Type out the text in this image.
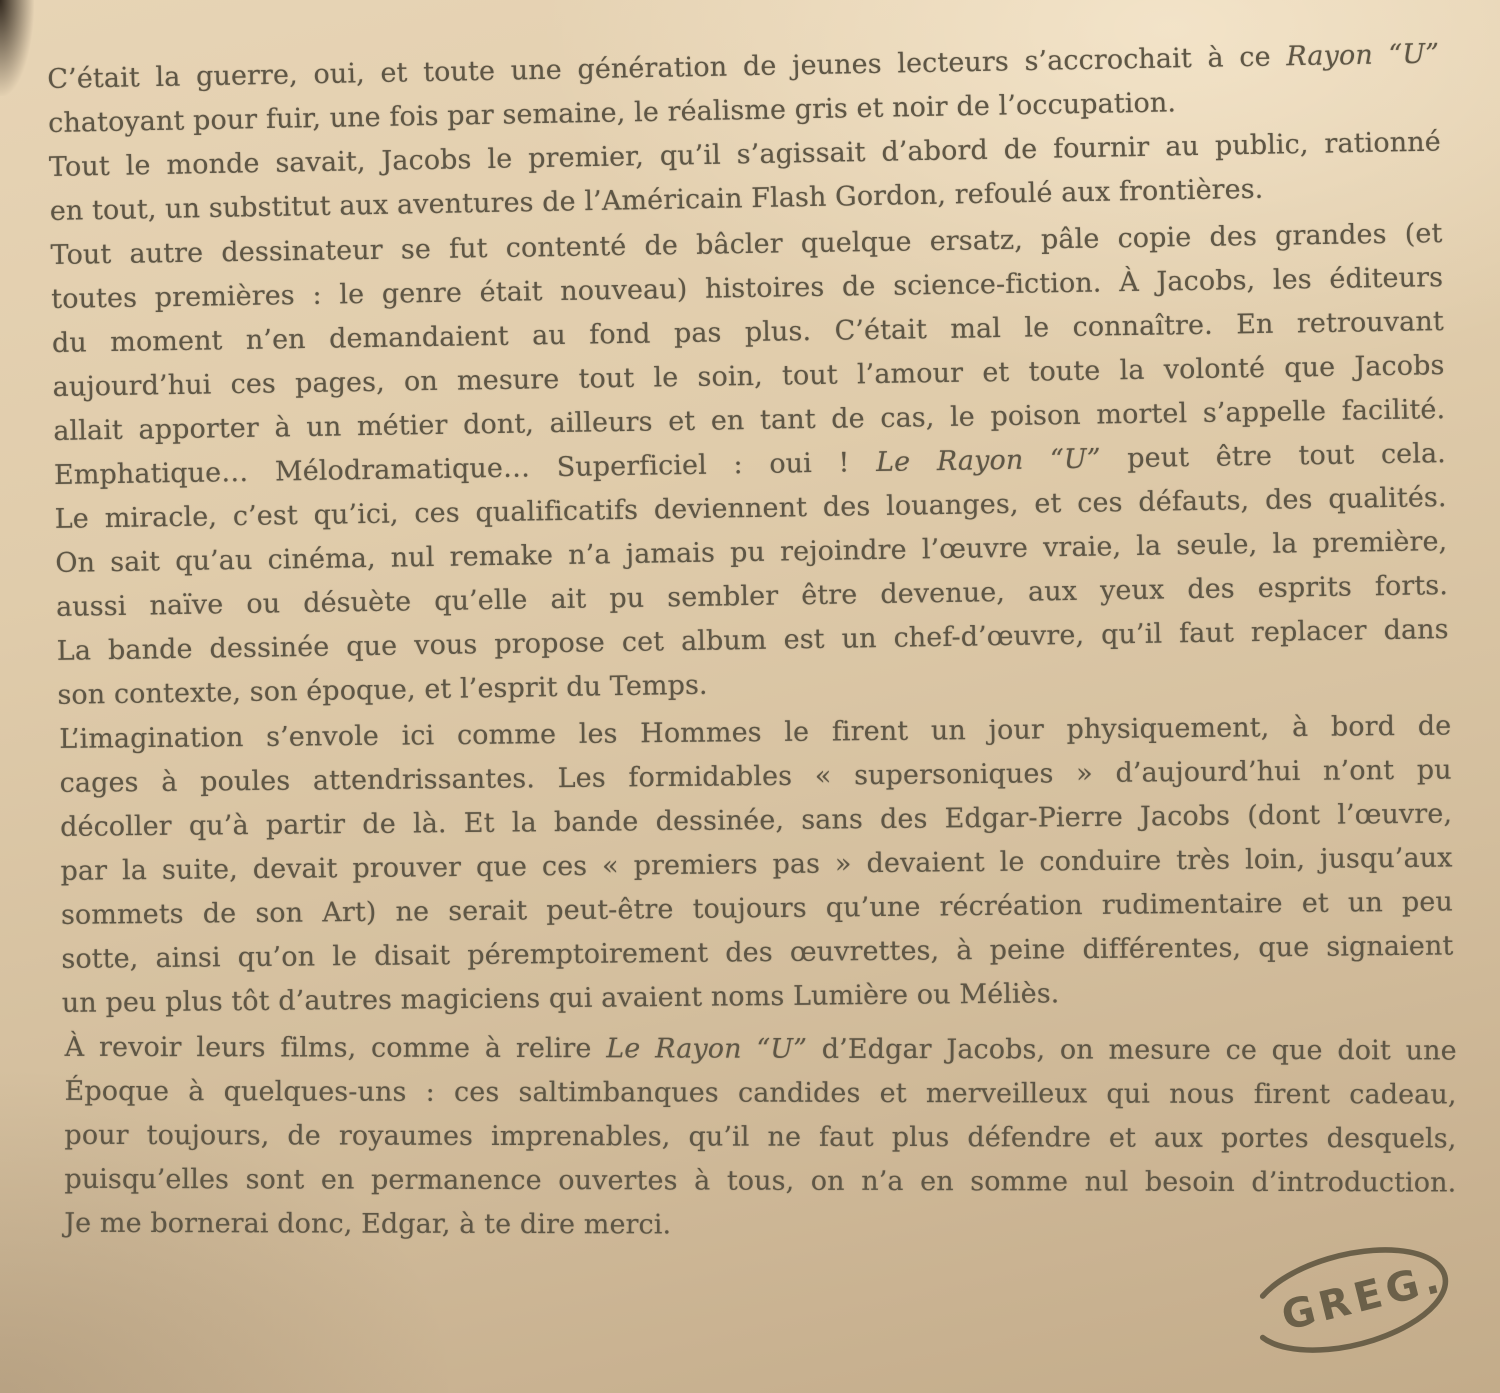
C’était la guerre, oui, et toute une génération de jeunes lecteurs s’accrochait à ce Rayon “U”
chatoyant pour fuir, une fois par semaine, le réalisme gris et noir de l’occupation.
Tout le monde savait, Jacobs le premier, qu’il s’agissait d’abord de fournir au public, rationné
en tout, un substitut aux aventures de l’Américain Flash Gordon, refoulé aux frontières.
Tout autre dessinateur se fut contenté de bâcler quelque ersatz, pâle copie des grandes (et
toutes premières : le genre était nouveau) histoires de science-fiction. À Jacobs, les éditeurs
du moment n’en demandaient au fond pas plus. C’était mal le connaître. En retrouvant
aujourd’hui ces pages, on mesure tout le soin, tout l’amour et toute la volonté que Jacobs
allait apporter à un métier dont, ailleurs et en tant de cas, le poison mortel s’appelle facilité.
Emphatique… Mélodramatique… Superficiel : oui ! Le Rayon “U” peut être tout cela.
Le miracle, c’est qu’ici, ces qualificatifs deviennent des louanges, et ces défauts, des qualités.
On sait qu’au cinéma, nul remake n’a jamais pu rejoindre l’œuvre vraie, la seule, la première,
aussi naïve ou désuète qu’elle ait pu sembler être devenue, aux yeux des esprits forts.
La bande dessinée que vous propose cet album est un chef-d’œuvre, qu’il faut replacer dans
son contexte, son époque, et l’esprit du Temps.
L’imagination s’envole ici comme les Hommes le firent un jour physiquement, à bord de
cages à poules attendrissantes. Les formidables « supersoniques » d’aujourd’hui n’ont pu
décoller qu’à partir de là. Et la bande dessinée, sans des Edgar-Pierre Jacobs (dont l’œuvre,
par la suite, devait prouver que ces « premiers pas » devaient le conduire très loin, jusqu’aux
sommets de son Art) ne serait peut-être toujours qu’une récréation rudimentaire et un peu
sotte, ainsi qu’on le disait péremptoirement des œuvrettes, à peine différentes, que signaient
un peu plus tôt d’autres magiciens qui avaient noms Lumière ou Méliès.
À revoir leurs films, comme à relire Le Rayon “U” d’Edgar Jacobs, on mesure ce que doit une
Époque à quelques-uns : ces saltimbanques candides et merveilleux qui nous firent cadeau,
pour toujours, de royaumes imprenables, qu’il ne faut plus défendre et aux portes desquels,
puisqu’elles sont en permanence ouvertes à tous, on n’a en somme nul besoin d’introduction.
Je me bornerai donc, Edgar, à te dire merci.
GREG.
